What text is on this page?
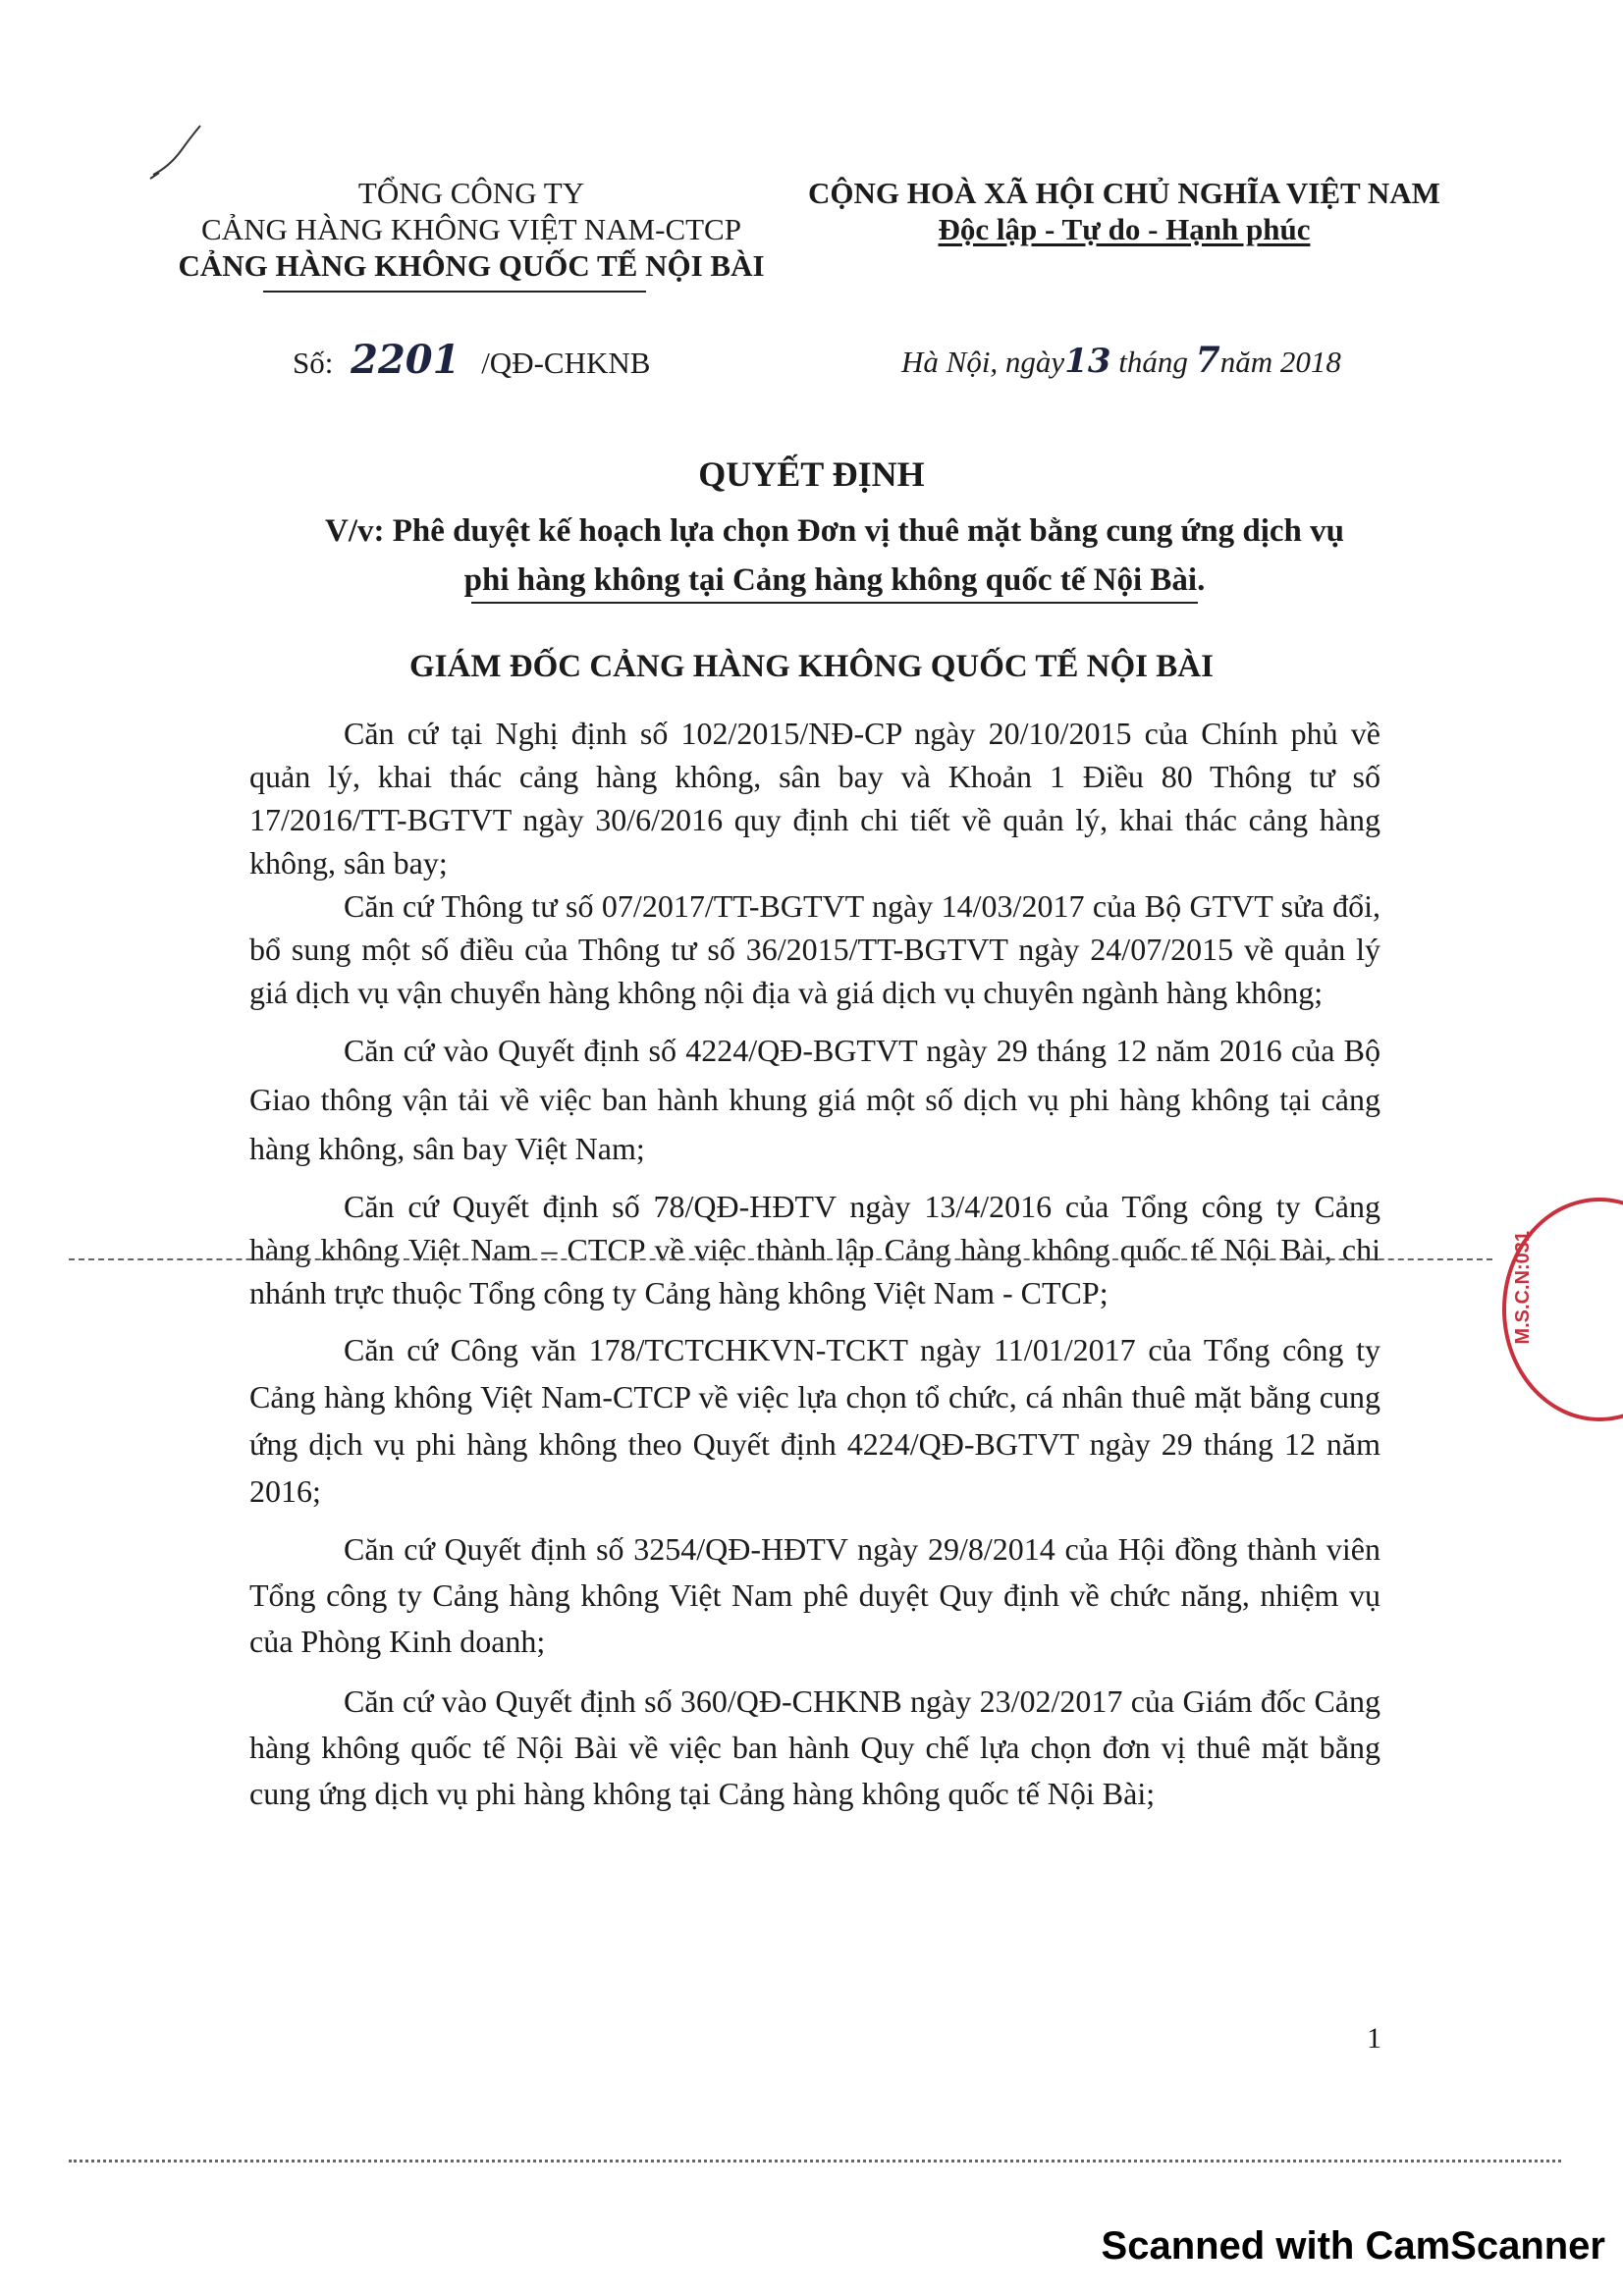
TỔNG CÔNG TY
CẢNG HÀNG KHÔNG VIỆT NAM-CTCP
CẢNG HÀNG KHÔNG QUỐC TẾ NỘI BÀI
CỘNG HOÀ XÃ HỘI CHỦ NGHĨA VIỆT NAM
Độc lập - Tự do - Hạnh phúc
Số: 2201 /QĐ-CHKNB	Hà Nội, ngày13 tháng 7năm 2018
QUYẾT ĐỊNH
V/v: Phê duyệt kế hoạch lựa chọn Đơn vị thuê mặt bằng cung ứng dịch vụ
phi hàng không tại Cảng hàng không quốc tế Nội Bài.
GIÁM ĐỐC CẢNG HÀNG KHÔNG QUỐC TẾ NỘI BÀI

Căn cứ tại Nghị định số 102/2015/NĐ-CP ngày 20/10/2015 của Chính phủ về quản lý, khai thác cảng hàng không, sân bay và Khoản 1 Điều 80 Thông tư số 17/2016/TT-BGTVT ngày 30/6/2016 quy định chi tiết về quản lý, khai thác cảng hàng không, sân bay;

Căn cứ Thông tư số 07/2017/TT-BGTVT ngày 14/03/2017 của Bộ GTVT sửa đổi, bổ sung một số điều của Thông tư số 36/2015/TT-BGTVT ngày 24/07/2015 về quản lý giá dịch vụ vận chuyển hàng không nội địa và giá dịch vụ chuyên ngành hàng không;

Căn cứ vào Quyết định số 4224/QĐ-BGTVT ngày 29 tháng 12 năm 2016 của Bộ Giao thông vận tải về việc ban hành khung giá một số dịch vụ phi hàng không tại cảng hàng không, sân bay Việt Nam;

Căn cứ Quyết định số 78/QĐ-HĐTV ngày 13/4/2016 của Tổng công ty Cảng hàng không Việt Nam – CTCP về việc thành lập Cảng hàng không quốc tế Nội Bài, chi nhánh trực thuộc Tổng công ty Cảng hàng không Việt Nam - CTCP;

Căn cứ Công văn 178/TCTCHKVN-TCKT ngày 11/01/2017 của Tổng công ty Cảng hàng không Việt Nam-CTCP về việc lựa chọn tổ chức, cá nhân thuê mặt bằng cung ứng dịch vụ phi hàng không theo Quyết định 4224/QĐ-BGTVT ngày 29 tháng 12 năm 2016;

Căn cứ Quyết định số 3254/QĐ-HĐTV ngày 29/8/2014 của Hội đồng thành viên Tổng công ty Cảng hàng không Việt Nam phê duyệt Quy định về chức năng, nhiệm vụ của Phòng Kinh doanh;

Căn cứ vào Quyết định số 360/QĐ-CHKNB ngày 23/02/2017 của Giám đốc Cảng hàng không quốc tế Nội Bài về việc ban hành Quy chế lựa chọn đơn vị thuê mặt bằng cung ứng dịch vụ phi hàng không tại Cảng hàng không quốc tế Nội Bài;

M.S.C.N:031
1
Scanned with CamScanner
